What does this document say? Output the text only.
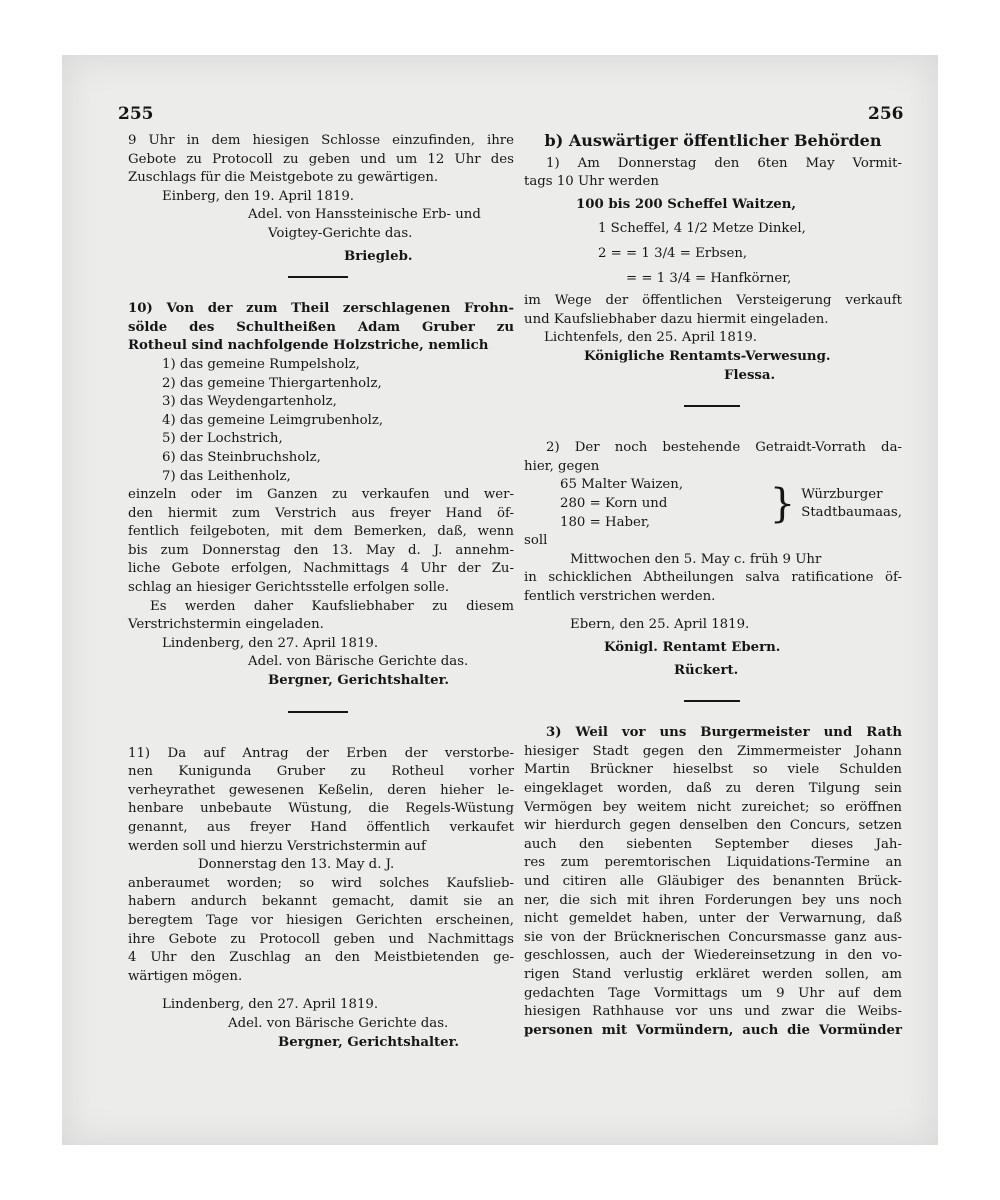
255	256
9 Uhr in dem hiesigen Schlosse einzufinden, ihre
Gebote zu Protocoll zu geben und um 12 Uhr des
Zuschlags für die Meistgebote zu gewärtigen.
Einberg, den 19. April 1819.
Adel. von Hanssteinische Erb- und
Voigtey-Gerichte das.
Briegleb.
10) Von der zum Theil zerschlagenen Frohn-
sölde des Schultheißen Adam Gruber zu
Rotheul sind nachfolgende Holzstriche, nemlich
1) das gemeine Rumpelsholz,
2) das gemeine Thiergartenholz,
3) das Weydengartenholz,
4) das gemeine Leimgrubenholz,
5) der Lochstrich,
6) das Steinbruchsholz,
7) das Leithenholz,
einzeln oder im Ganzen zu verkaufen und wer-
den hiermit zum Verstrich aus freyer Hand öf-
fentlich feilgeboten, mit dem Bemerken, daß, wenn
bis zum Donnerstag den 13. May d. J. annehm-
liche Gebote erfolgen, Nachmittags 4 Uhr der Zu-
schlag an hiesiger Gerichtsstelle erfolgen solle.
Es werden daher Kaufsliebhaber zu diesem
Verstrichstermin eingeladen.
Lindenberg, den 27. April 1819.
Adel. von Bärische Gerichte das.
Bergner, Gerichtshalter.
11) Da auf Antrag der Erben der verstorbe-
nen Kunigunda Gruber zu Rotheul vorher
verheyrathet gewesenen Keßelin, deren hieher le-
henbare unbebaute Wüstung, die Regels-Wüstung
genannt, aus freyer Hand öffentlich verkaufet
werden soll und hierzu Verstrichstermin auf
Donnerstag den 13. May d. J.
anberaumet worden; so wird solches Kaufslieb-
habern andurch bekannt gemacht, damit sie an
beregtem Tage vor hiesigen Gerichten erscheinen,
ihre Gebote zu Protocoll geben und Nachmittags
4 Uhr den Zuschlag an den Meistbietenden ge-
wärtigen mögen.
Lindenberg, den 27. April 1819.
Adel. von Bärische Gerichte das.
Bergner, Gerichtshalter.
b) Auswärtiger öffentlicher Behörden
1) Am Donnerstag den 6ten May Vormit-
tags 10 Uhr werden
100 bis 200 Scheffel Waitzen,
1 Scheffel, 4 1/2 Metze Dinkel,
2 = = 1 3/4 = Erbsen,
= = 1 3/4 = Hanfkörner,
im Wege der öffentlichen Versteigerung verkauft
und Kaufsliebhaber dazu hiermit eingeladen.
Lichtenfels, den 25. April 1819.
Königliche Rentamts-Verwesung.
Flessa.
2) Der noch bestehende Getraidt-Vorrath da-
hier, gegen
65 Malter Waizen,
280 = Korn und
180 = Haber,	} Würzburger
Stadtbaumaas,
soll
Mittwochen den 5. May c. früh 9 Uhr
in schicklichen Abtheilungen salva ratificatione öf-
fentlich verstrichen werden.
Ebern, den 25. April 1819.
Königl. Rentamt Ebern.
Rückert.
3) Weil vor uns Burgermeister und Rath
hiesiger Stadt gegen den Zimmermeister Johann
Martin Brückner hieselbst so viele Schulden
eingeklaget worden, daß zu deren Tilgung sein
Vermögen bey weitem nicht zureichet; so eröffnen
wir hierdurch gegen denselben den Concurs, setzen
auch den siebenten September dieses Jah-
res zum peremtorischen Liquidations-Termine an
und citiren alle Gläubiger des benannten Brück-
ner, die sich mit ihren Forderungen bey uns noch
nicht gemeldet haben, unter der Verwarnung, daß
sie von der Brücknerischen Concursmasse ganz aus-
geschlossen, auch der Wiedereinsetzung in den vo-
rigen Stand verlustig erkläret werden sollen, am
gedachten Tage Vormittags um 9 Uhr auf dem
hiesigen Rathhause vor uns und zwar die Weibs-
personen mit Vormündern, auch die Vormünder
